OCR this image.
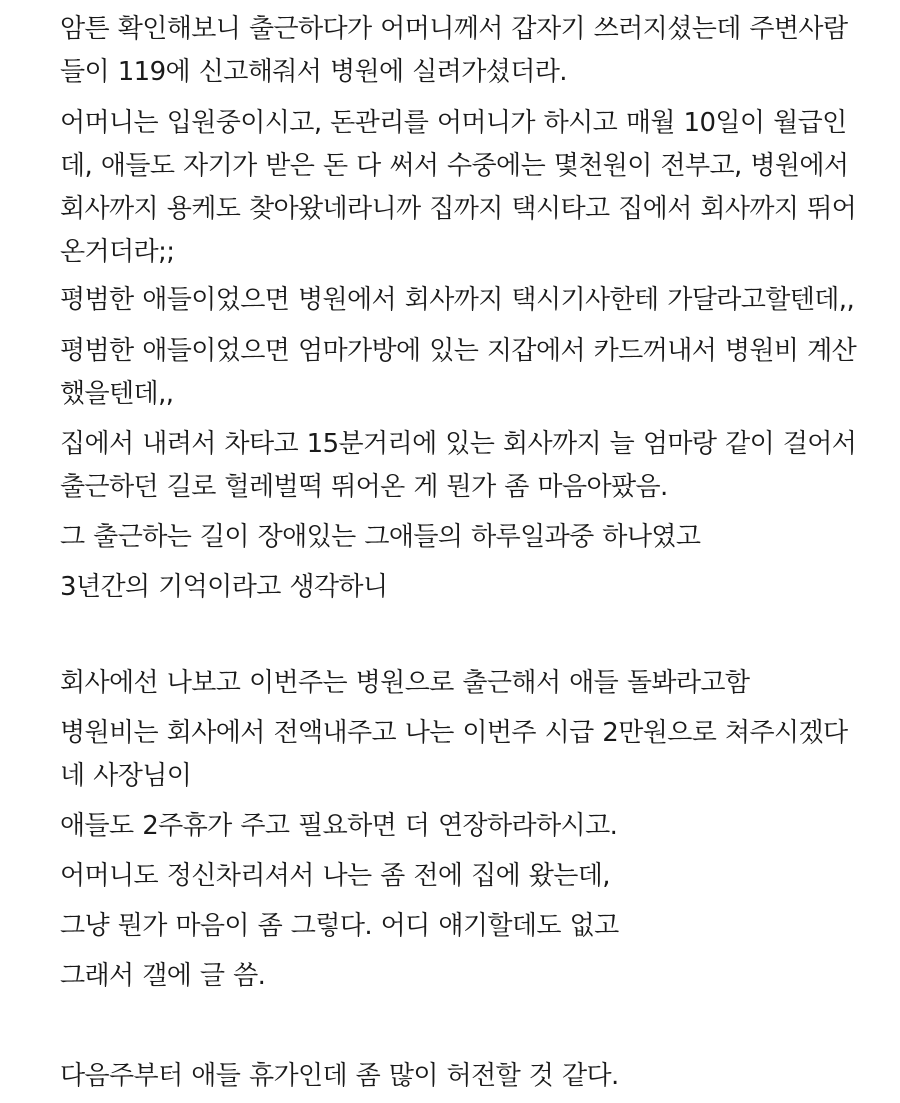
암튼 확인해보니 출근하다가 어머니께서 갑자기 쓰러지셨는데 주변사람

들이 119에 신고해줘서 병원에 실려가셨더라.

어머니는 입원중이시고, 돈관리를 어머니가 하시고 매월 10일이 월급인

데, 애들도 자기가 받은 돈 다 써서 수중에는 몇천원이 전부고, 병원에서

회사까지 용케도 찾아왔네라니까 집까지 택시타고 집에서 회사까지 뛰어

온거더라;;

평범한 애들이었으면 병원에서 회사까지 택시기사한테 가달라고할텐데,,

평범한 애들이었으면 엄마가방에 있는 지갑에서 카드꺼내서 병원비 계산

했을텐데,,

집에서 내려서 차타고 15분거리에 있는 회사까지 늘 엄마랑 같이 걸어서

출근하던 길로 헐레벌떡 뛰어온 게 뭔가 좀 마음아팠음.

그 출근하는 길이 장애있는 그애들의 하루일과중 하나였고

3년간의 기억이라고 생각하니

회사에선 나보고 이번주는 병원으로 출근해서 애들 돌봐라고함

병원비는 회사에서 전액내주고 나는 이번주 시급 2만원으로 쳐주시겠다

네 사장님이

애들도 2주휴가 주고 필요하면 더 연장하라하시고.

어머니도 정신차리셔서 나는 좀 전에 집에 왔는데,

그냥 뭔가 마음이 좀 그렇다. 어디 얘기할데도 없고

그래서 갤에 글 씀.

다음주부터 애들 휴가인데 좀 많이 허전할 것 같다.
